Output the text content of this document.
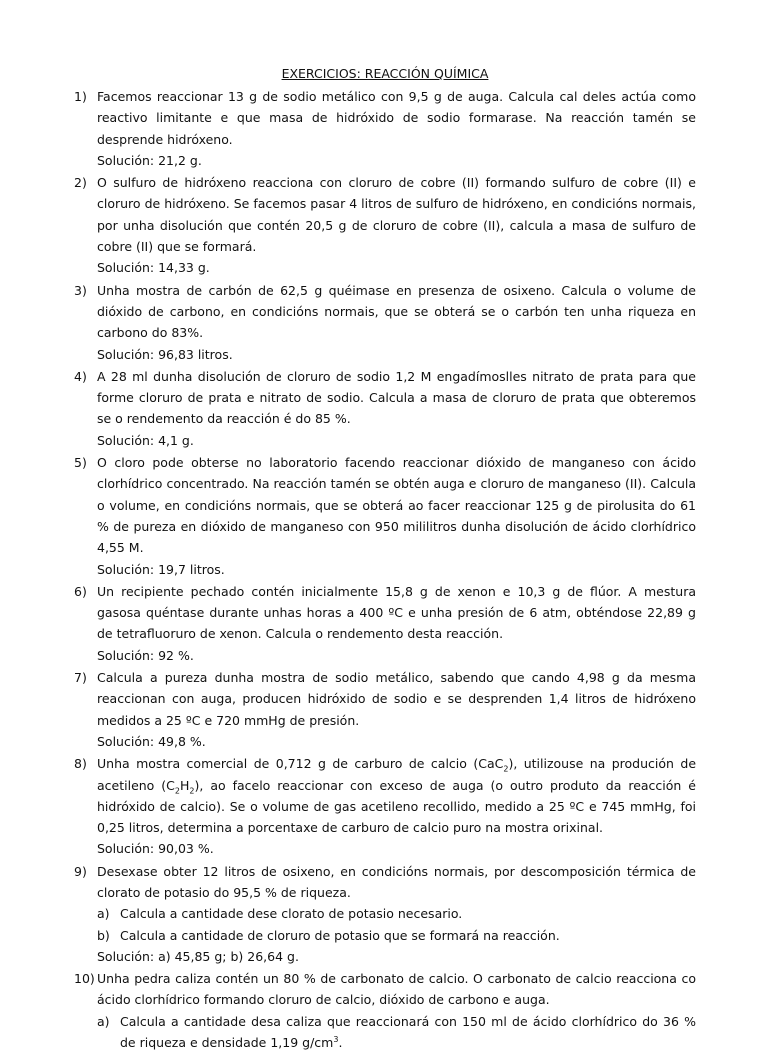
EXERCICIOS: REACCIÓN QUÍMICA
1) Facemos reaccionar 13 g de sodio metálico con 9,5 g de auga. Calcula cal deles actúa como reactivo limitante e que masa de hidróxido de sodio formarase. Na reacción tamén se desprende hidróxeno.

Solución: 21,2 g.

2) O sulfuro de hidróxeno reacciona con cloruro de cobre (II) formando sulfuro de cobre (II) e cloruro de hidróxeno. Se facemos pasar 4 litros de sulfuro de hidróxeno, en condicións normais, por unha disolución que contén 20,5 g de cloruro de cobre (II), calcula a masa de sulfuro de cobre (II) que se formará.

Solución: 14,33 g.

3) Unha mostra de carbón de 62,5 g quéimase en presenza de osixeno. Calcula o volume de dióxido de carbono, en condicións normais, que se obterá se o carbón ten unha riqueza en carbono do 83%.

Solución: 96,83 litros.

4) A 28 ml dunha disolución de cloruro de sodio 1,2 M engadímoslles nitrato de prata para que forme cloruro de prata e nitrato de sodio. Calcula a masa de cloruro de prata que obteremos se o rendemento da reacción é do 85 %.

Solución: 4,1 g.

5) O cloro pode obterse no laboratorio facendo reaccionar dióxido de manganeso con ácido clorhídrico concentrado. Na reacción tamén se obtén auga e cloruro de manganeso (II). Calcula o volume, en condicións normais, que se obterá ao facer reaccionar 125 g de pirolusita do 61 % de pureza en dióxido de manganeso con 950 mililitros dunha disolución de ácido clorhídrico 4,55 M.

Solución: 19,7 litros.

6) Un recipiente pechado contén inicialmente 15,8 g de xenon e 10,3 g de flúor. A mestura gasosa quéntase durante unhas horas a 400 ºC e unha presión de 6 atm, obténdose 22,89 g de tetrafluoruro de xenon. Calcula o rendemento desta reacción.

Solución: 92 %.

7) Calcula a pureza dunha mostra de sodio metálico, sabendo que cando 4,98 g da mesma reaccionan con auga, producen hidróxido de sodio e se desprenden 1,4 litros de hidróxeno medidos a 25 ºC e 720 mmHg de presión.

Solución: 49,8 %.

8) Unha mostra comercial de 0,712 g de carburo de calcio (CaC$_2$), utilizouse na produción de acetileno $(C_2H_2)$, ao facelo reaccionar con exceso de auga (o outro produto da reacción é hidróxido de calcio). Se o volume de gas acetileno recollido, medido a 25 ºC e 745 mmHg, foi 0,25 litros, determina a porcentaxe de carburo de calcio puro na mostra orixinal.

Solución: 90,03 %.

9) Desexase obter 12 litros de osixeno, en condicións normais, por descomposición térmica de clorato de potasio do 95,5 % de riqueza.

a) Calcula a cantidade dese clorato de potasio necesario.

b) Calcula a cantidade de cloruro de potasio que se formará na reacción.

Solución: a) 45,85 g; b) 26,64 g.

10) Unha pedra caliza contén un 80 % de carbonato de calcio. O carbonato de calcio reacciona co ácido clorhídrico formando cloruro de calcio, dióxido de carbono e auga.

a) Calcula a cantidade desa caliza que reaccionará con 150 ml de ácido clorhídrico do 36 % de riqueza e densidade 1,19 $g/cm^3$.
